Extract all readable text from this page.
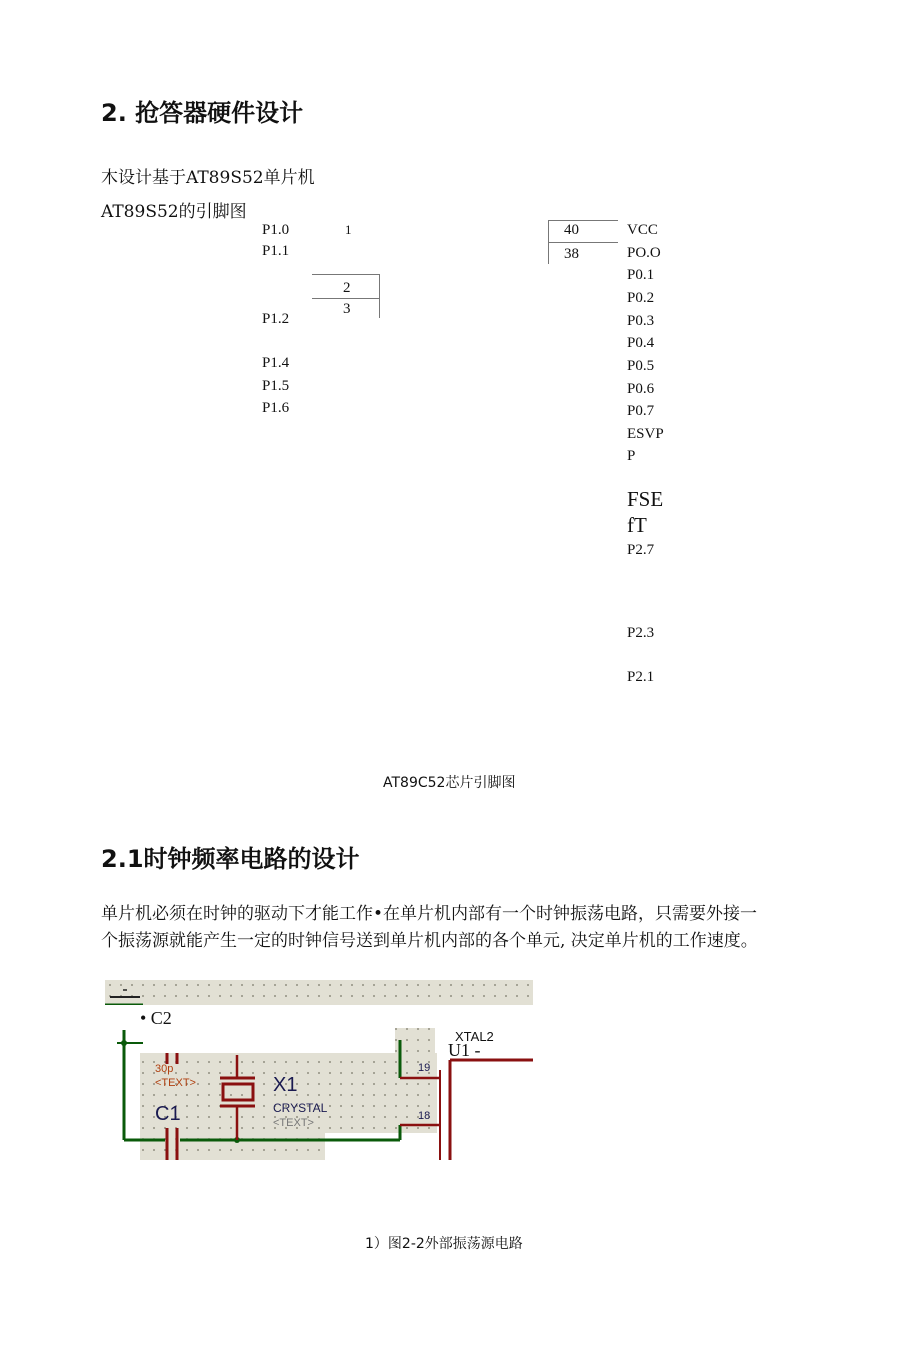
2. 抢答器硬件设计
木设计基于AT89S52单片机
AT89S52的引脚图
P1.0
P1.1
P1.2
P1.4
P1.5
P1.6
1
2
3
40
38
VCC
PO.O
P0.1
P0.2
P0.3
P0.4
P0.5
P0.6
P0.7
ESVP
P
FSE
fT
P2.7
P2.3
P2.1
AT89C52芯片引脚图
2.1时钟频率电路的设计
单片机必须在时钟的驱动下才能工作•在单片机内部有一个时钟振荡电路，只需要外接一个振荡源就能产生一定的时钟信号送到单片机内部的各个单元, 决定单片机的工作速度。
• C2
XTAL2
U1 -
30p
<TEXT>	X1
CRYSTAL
<TEXT>
C1
19
18
1）图2-2外部振荡源电路
